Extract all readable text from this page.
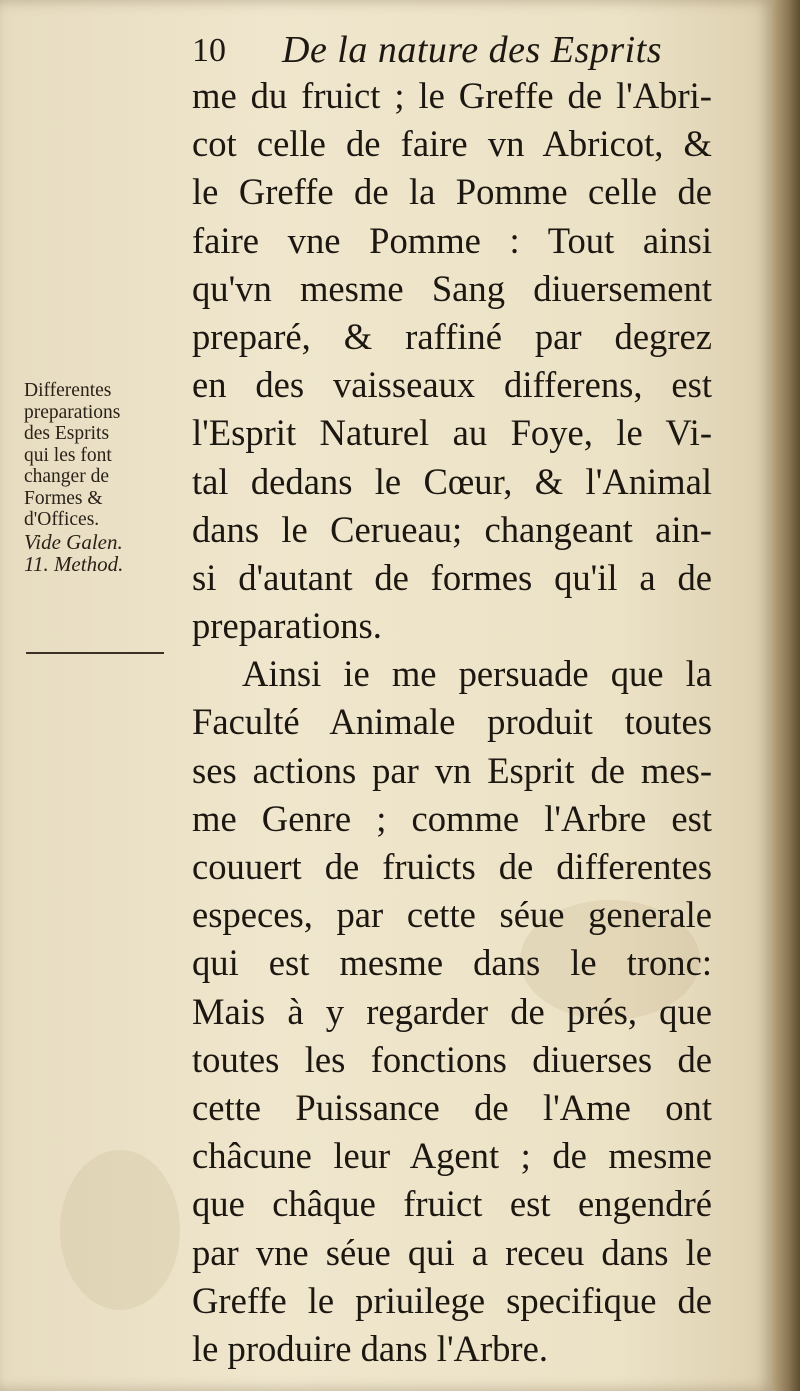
10 De la nature des Esprits
Differentes
preparations
des Esprits
qui les font
changer de
Formes &
d'Offices.
Vide Galen.
11. Method.
me du fruict ; le Greffe de l'Abri-
cot celle de faire vn Abricot, &
le Greffe de la Pomme celle de
faire vne Pomme : Tout ainsi
qu'vn mesme Sang diuersement
preparé, & raffiné par degrez
en des vaisseaux differens, est
l'Esprit Naturel au Foye, le Vi-
tal dedans le Cœur, & l'Animal
dans le Cerueau; changeant ain-
si d'autant de formes qu'il a de
preparations.
Ainsi ie me persuade que la
Faculté Animale produit toutes
ses actions par vn Esprit de mes-
me Genre ; comme l'Arbre est
couuert de fruicts de differentes
especes, par cette séue generale
qui est mesme dans le tronc:
Mais à y regarder de prés, que
toutes les fonctions diuerses de
cette Puissance de l'Ame ont
châcune leur Agent ; de mesme
que châque fruict est engendré
par vne séue qui a receu dans le
Greffe le priuilege specifique de
le produire dans l'Arbre.
